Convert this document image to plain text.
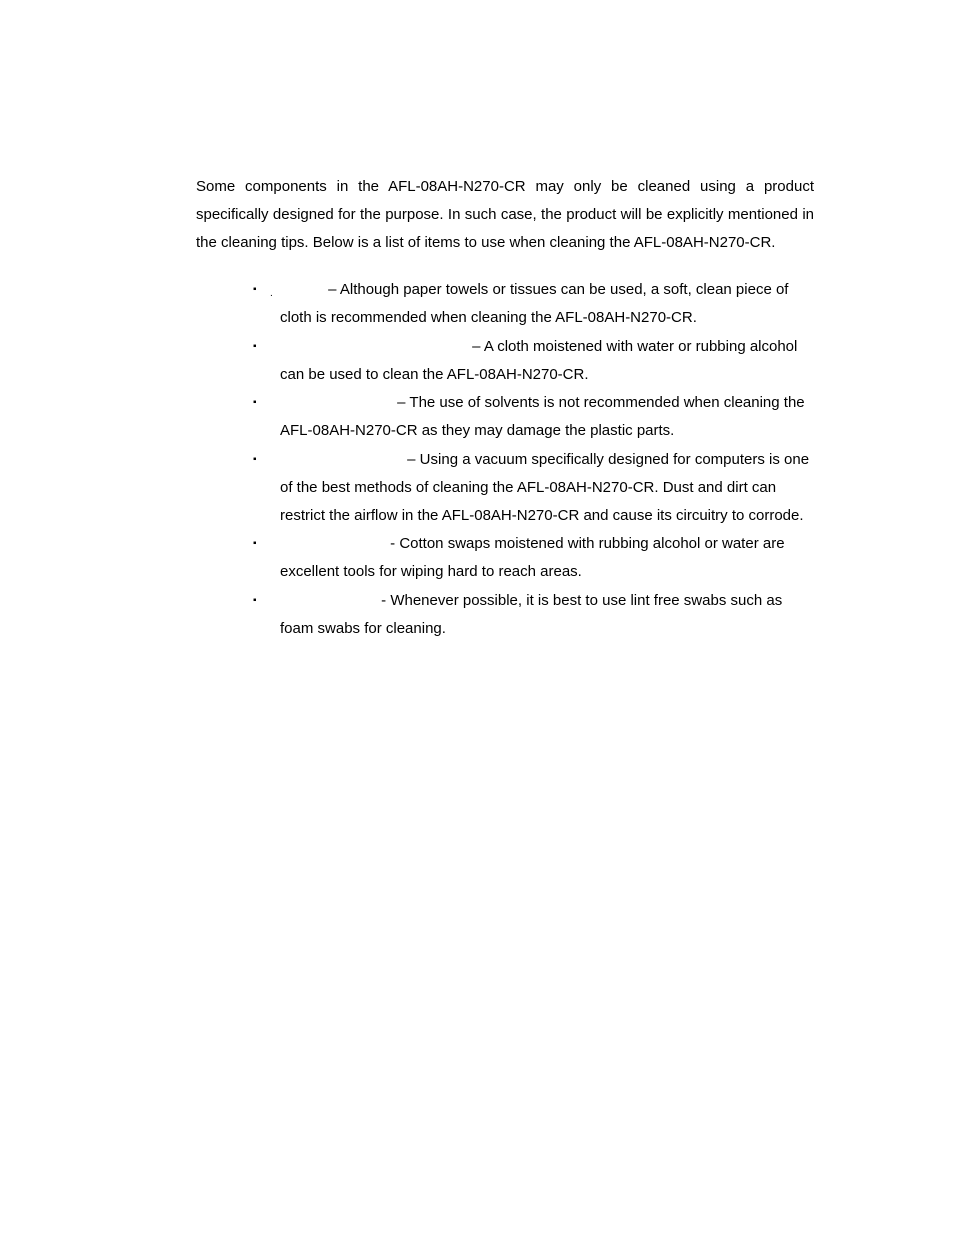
Some components in the AFL-08AH-N270-CR may only be cleaned using a product specifically designed for the purpose. In such case, the product will be explicitly mentioned in the cleaning tips. Below is a list of items to use when cleaning the AFL-08AH-N270-CR.

▪	.	– Although paper towels or tissues can be used, a soft, clean piece of cloth is recommended when cleaning the AFL-08AH-N270-CR.
▪	– A cloth moistened with water or rubbing alcohol can be used to clean the AFL-08AH-N270-CR.
▪	– The use of solvents is not recommended when cleaning the AFL-08AH-N270-CR as they may damage the plastic parts.
▪	– Using a vacuum specifically designed for computers is one of the best methods of cleaning the AFL-08AH-N270-CR. Dust and dirt can restrict the airflow in the AFL-08AH-N270-CR and cause its circuitry to corrode.
▪	- Cotton swaps moistened with rubbing alcohol or water are excellent tools for wiping hard to reach areas.
▪	- Whenever possible, it is best to use lint free swabs such as foam swabs for cleaning.
